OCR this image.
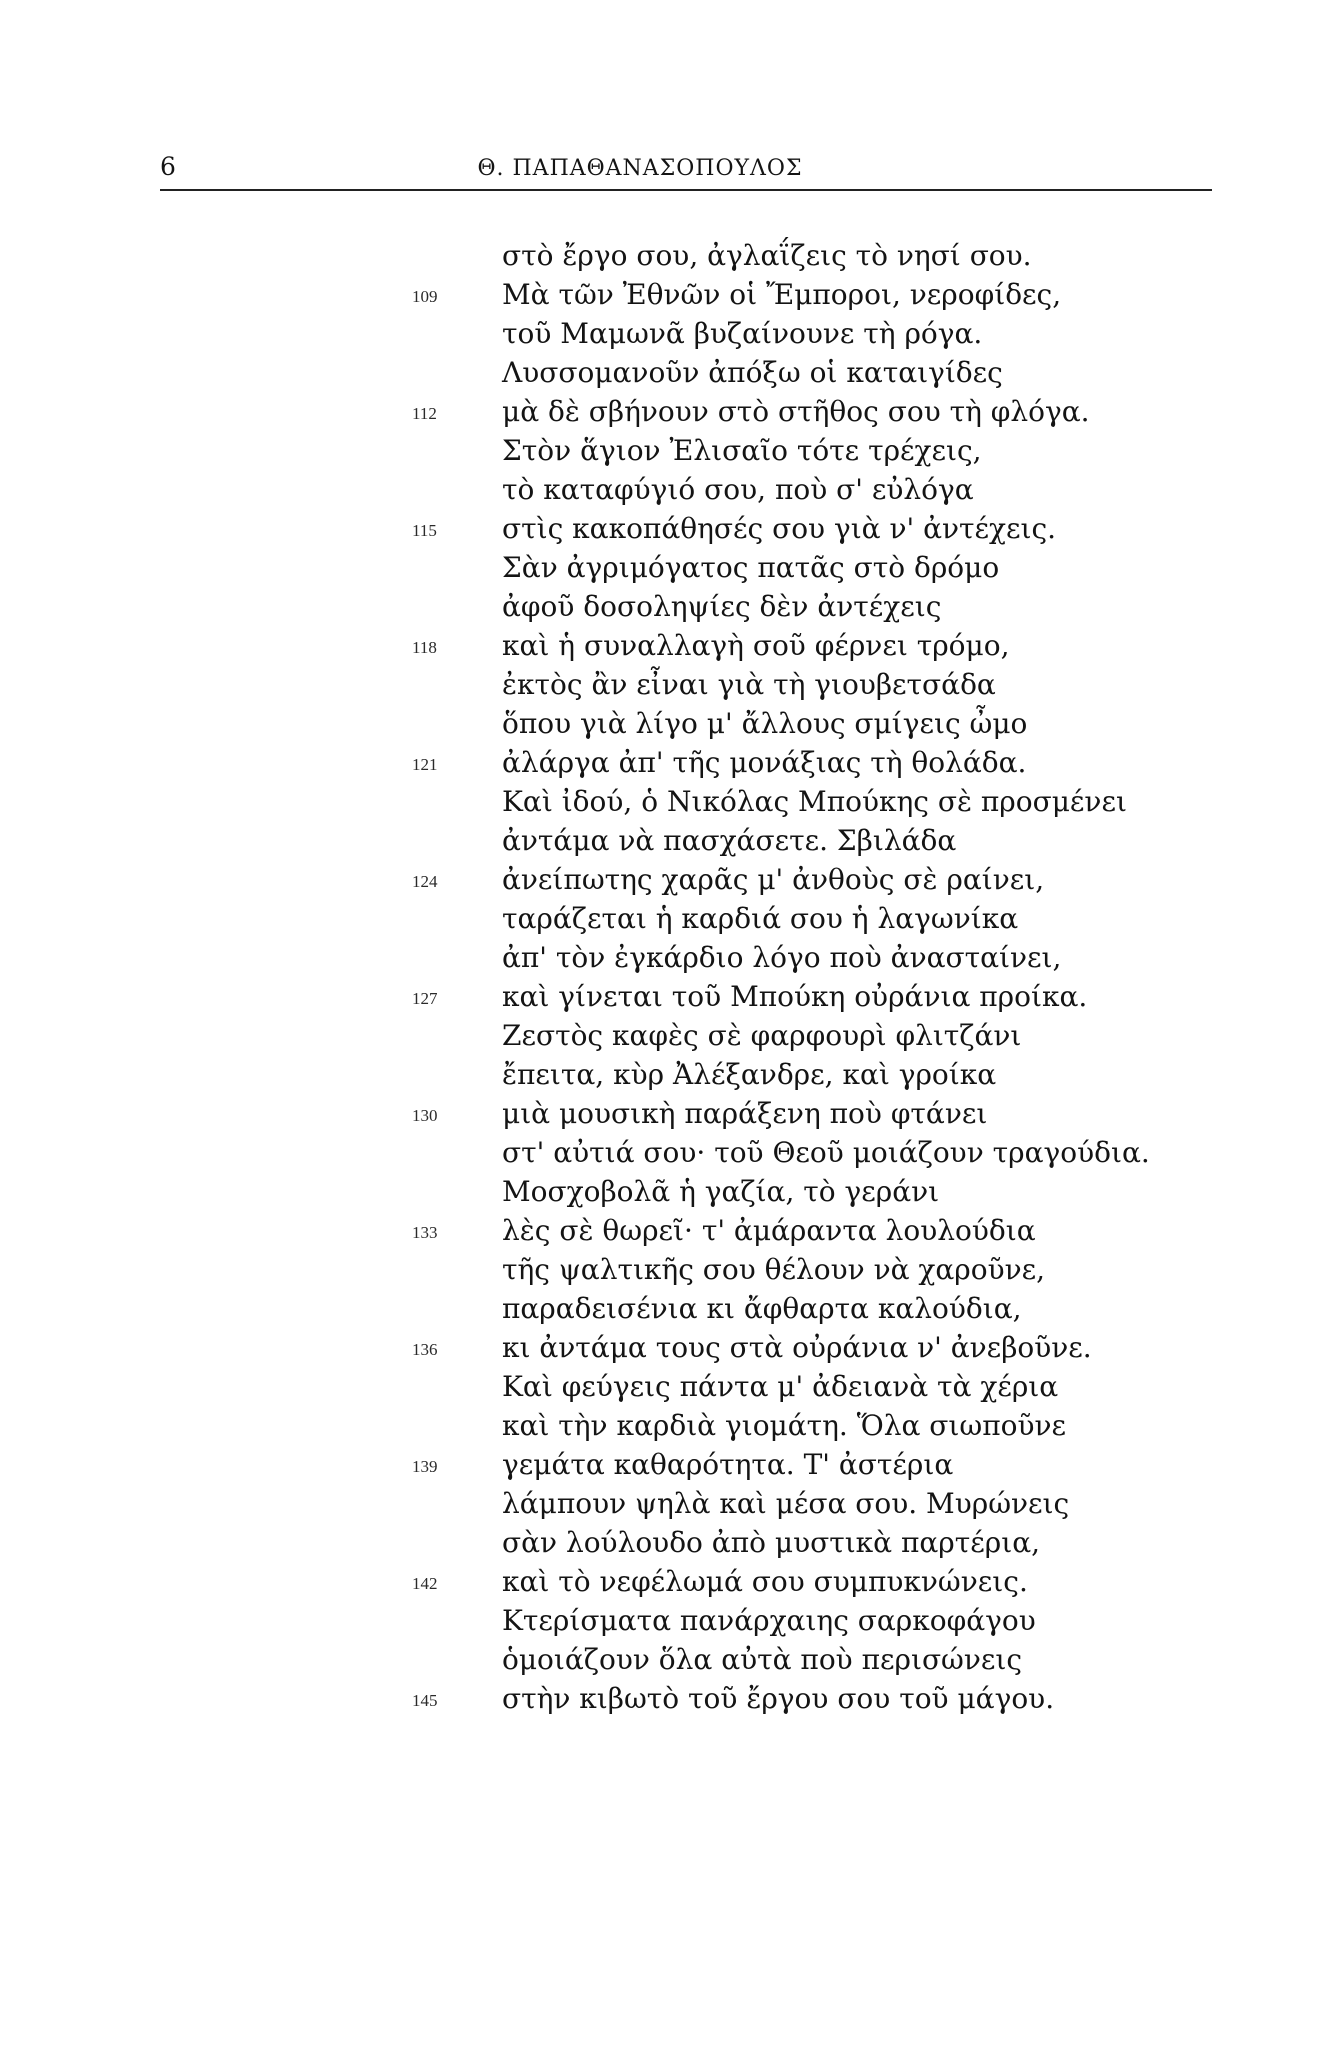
6	Θ. ΠΑΠΑΘΑΝΑΣΟΠΟΥΛΟΣ
στὸ ἔργο σου, ἀγλαΐζεις τὸ νησί σου.
109	Μὰ τῶν Ἐθνῶν οἱ Ἔμποροι, νεροφίδες,
τοῦ Μαμωνᾶ βυζαίνουνε τὴ ρόγα.
Λυσσομανοῦν ἀπόξω οἱ καταιγίδες
112	μὰ δὲ σβήνουν στὸ στῆθος σου τὴ φλόγα.
Στὸν ἅγιον Ἐλισαῖο τότε τρέχεις,
τὸ καταφύγιό σου, ποὺ σ' εὐλόγα
115	στὶς κακοπάθησές σου γιὰ ν' ἀντέχεις.
Σὰν ἀγριμόγατος πατᾶς στὸ δρόμο
ἀφοῦ δοσοληψίες δὲν ἀντέχεις
118	καὶ ἡ συναλλαγὴ σοῦ φέρνει τρόμο,
ἐκτὸς ἂν εἶναι γιὰ τὴ γιουβετσάδα
ὅπου γιὰ λίγο μ' ἄλλους σμίγεις ὦμο
121	ἀλάργα ἀπ' τῆς μονάξιας τὴ θολάδα.
Καὶ ἰδού, ὁ Νικόλας Μπούκης σὲ προσμένει
ἀντάμα νὰ πασχάσετε. Σβιλάδα
124	ἀνείπωτης χαρᾶς μ' ἀνθοὺς σὲ ραίνει,
ταράζεται ἡ καρδιά σου ἡ λαγωνίκα
ἀπ' τὸν ἐγκάρδιο λόγο ποὺ ἀνασταίνει,
127	καὶ γίνεται τοῦ Μπούκη οὐράνια προίκα.
Ζεστὸς καφὲς σὲ φαρφουρὶ φλιτζάνι
ἔπειτα, κὺρ Ἀλέξανδρε, καὶ γροίκα
130	μιὰ μουσικὴ παράξενη ποὺ φτάνει
στ' αὐτιά σου· τοῦ Θεοῦ μοιάζουν τραγούδια.
Μοσχοβολᾶ ἡ γαζία, τὸ γεράνι
133	λὲς σὲ θωρεῖ· τ' ἀμάραντα λουλούδια
τῆς ψαλτικῆς σου θέλουν νὰ χαροῦνε,
παραδεισένια κι ἄφθαρτα καλούδια,
136	κι ἀντάμα τους στὰ οὐράνια ν' ἀνεβοῦνε.
Καὶ φεύγεις πάντα μ' ἀδειανὰ τὰ χέρια
καὶ τὴν καρδιὰ γιομάτη. Ὅλα σιωποῦνε
139	γεμάτα καθαρότητα. Τ' ἀστέρια
λάμπουν ψηλὰ καὶ μέσα σου. Μυρώνεις
σὰν λούλουδο ἀπὸ μυστικὰ παρτέρια,
142	καὶ τὸ νεφέλωμά σου συμπυκνώνεις.
Κτερίσματα πανάρχαιης σαρκοφάγου
ὁμοιάζουν ὅλα αὐτὰ ποὺ περισώνεις
145	στὴν κιβωτὸ τοῦ ἔργου σου τοῦ μάγου.
